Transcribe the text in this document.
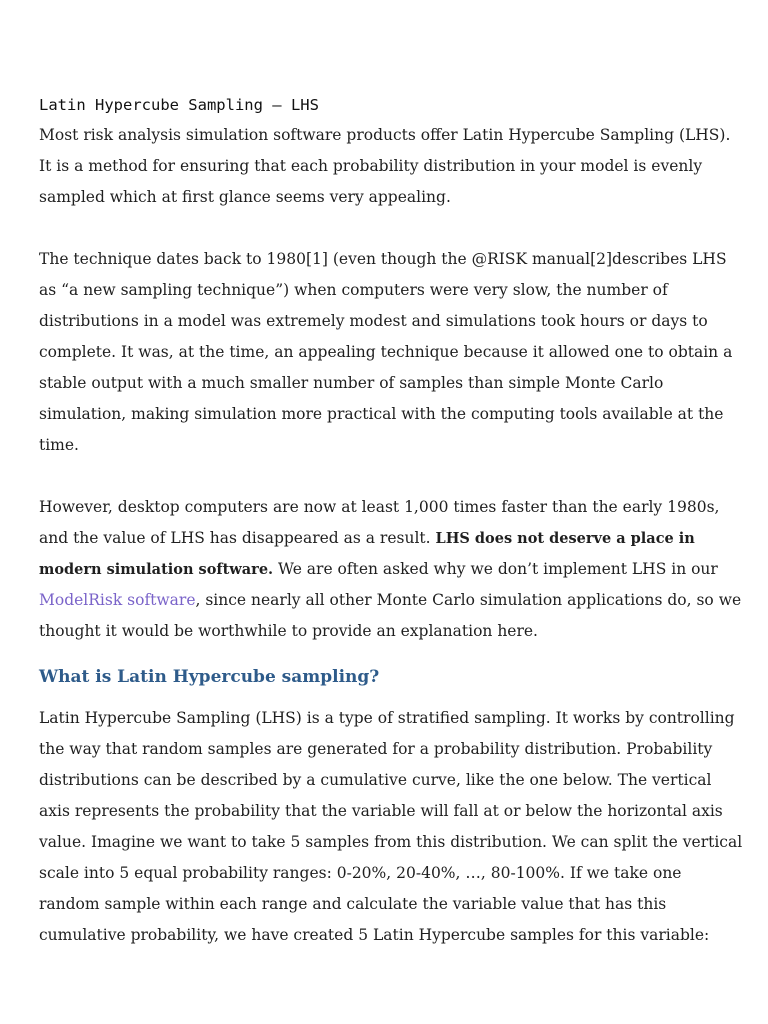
Latin Hypercube Sampling – LHS

Most risk analysis simulation software products offer Latin Hypercube Sampling (LHS). It is a method for ensuring that each probability distribution in your model is evenly sampled which at first glance seems very appealing.

The technique dates back to 1980[1] (even though the @RISK manual[2]describes LHS as “a new sampling technique”) when computers were very slow, the number of distributions in a model was extremely modest and simulations took hours or days to complete. It was, at the time, an appealing technique because it allowed one to obtain a stable output with a much smaller number of samples than simple Monte Carlo simulation, making simulation more practical with the computing tools available at the time.

However, desktop computers are now at least 1,000 times faster than the early 1980s, and the value of LHS has disappeared as a result. LHS does not deserve a place in modern simulation software. We are often asked why we don’t implement LHS in our ModelRisk software, since nearly all other Monte Carlo simulation applications do, so we thought it would be worthwhile to provide an explanation here.

What is Latin Hypercube sampling?

Latin Hypercube Sampling (LHS) is a type of stratified sampling. It works by controlling the way that random samples are generated for a probability distribution. Probability distributions can be described by a cumulative curve, like the one below. The vertical axis represents the probability that the variable will fall at or below the horizontal axis value. Imagine we want to take 5 samples from this distribution. We can split the vertical scale into 5 equal probability ranges: 0-20%, 20-40%, …, 80-100%. If we take one random sample within each range and calculate the variable value that has this cumulative probability, we have created 5 Latin Hypercube samples for this variable:
